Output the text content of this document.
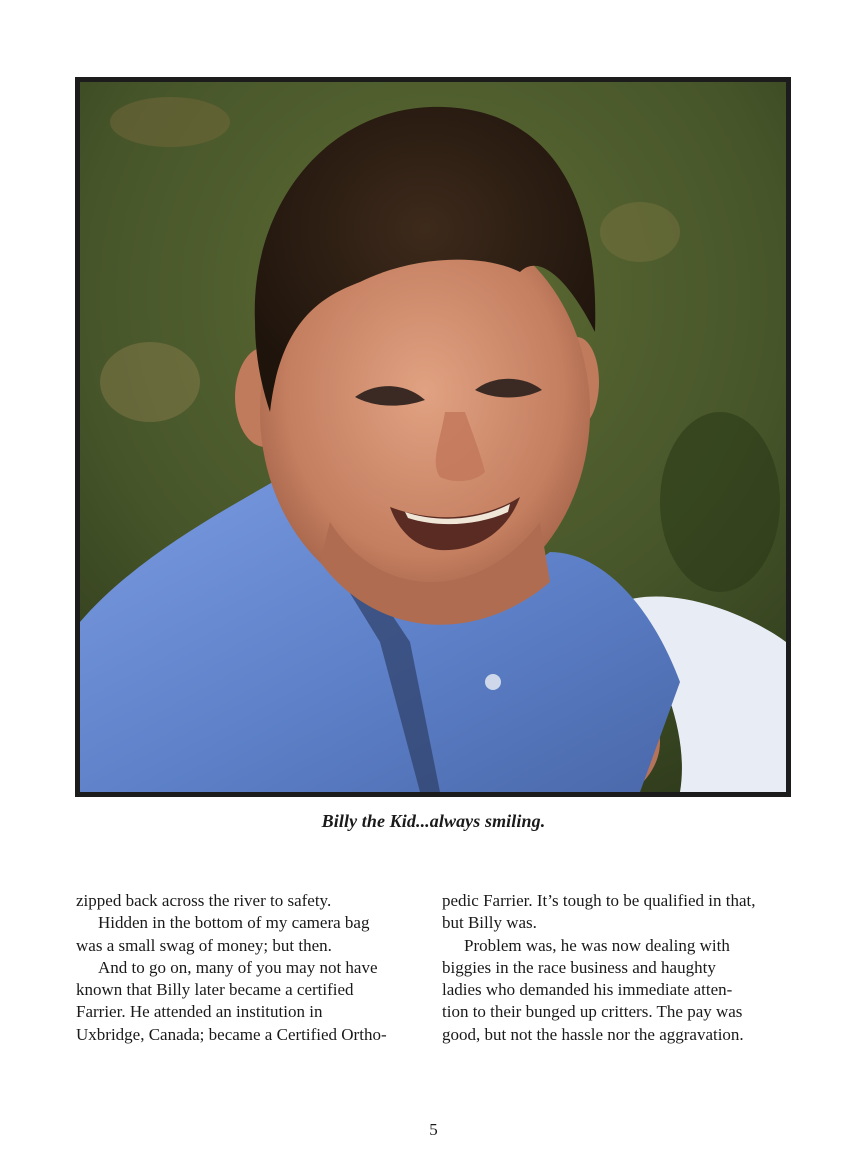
Billy the Kid...always smiling.
zipped back across the river to safety.
Hidden in the bottom of my camera bag
was a small swag of money; but then.
And to go on, many of you may not have
known that Billy later became a certified
Farrier. He attended an institution in
Uxbridge, Canada; became a Certified Ortho-
pedic Farrier. It’s tough to be qualified in that,
but Billy was.
Problem was, he was now dealing with
biggies in the race business and haughty
ladies who demanded his immediate atten-
tion to their bunged up critters. The pay was
good, but not the hassle nor the aggravation.
5
